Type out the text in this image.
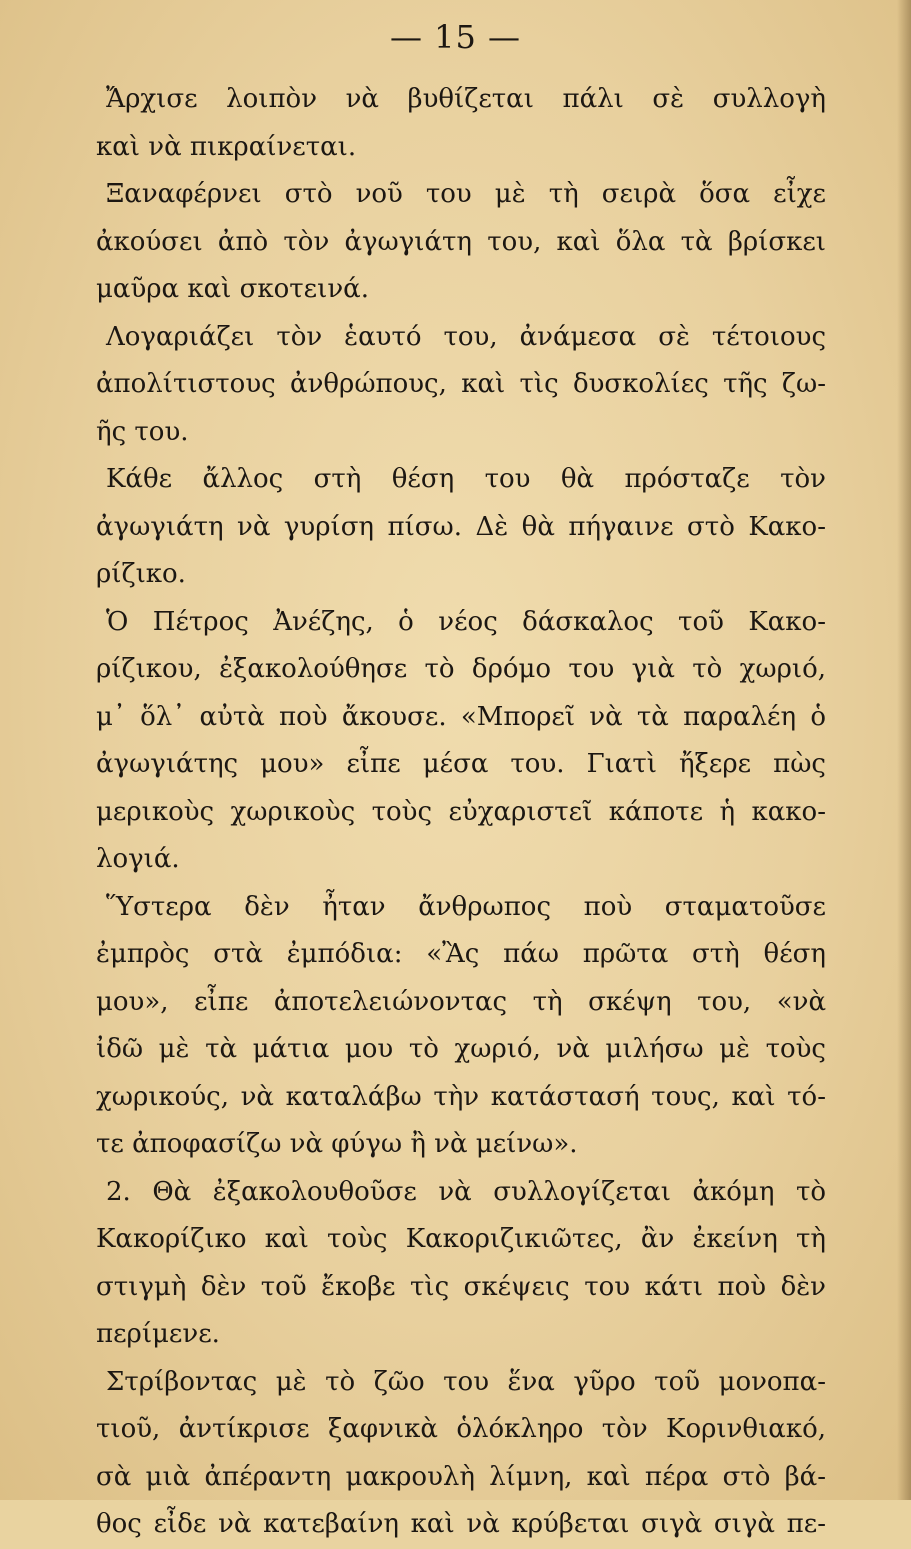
— 15 —
Ἄρχισε λοιπὸν νὰ βυθίζεται πάλι σὲ συλλογὴ
καὶ νὰ πικραίνεται.
Ξαναφέρνει στὸ νοῦ του μὲ τὴ σειρὰ ὅσα εἶχε
ἀκούσει ἀπὸ τὸν ἀγωγιάτη του, καὶ ὅλα τὰ βρίσκει
μαῦρα καὶ σκοτεινά.
Λογαριάζει τὸν ἑαυτό του, ἀνάμεσα σὲ τέτοιους
ἀπολίτιστους ἀνθρώπους, καὶ τὶς δυσκολίες τῆς ζω-
ῆς του.
Κάθε ἄλλος στὴ θέση του θὰ πρόσταζε τὸν
ἀγωγιάτη νὰ γυρίση πίσω. Δὲ θὰ πήγαινε στὸ Κακο-
ρίζικο.
Ὁ Πέτρος Ἀνέζης, ὁ νέος δάσκαλος τοῦ Κακο-
ρίζικου, ἐξακολούθησε τὸ δρόμο του γιὰ τὸ χωριό,
μ᾽ ὅλ᾽ αὐτὰ ποὺ ἄκουσε. «Μπορεῖ νὰ τὰ παραλέη ὁ
ἀγωγιάτης μου» εἶπε μέσα του. Γιατὶ ἤξερε πὼς
μερικοὺς χωρικοὺς τοὺς εὐχαριστεῖ κάποτε ἡ κακο-
λογιά.
Ὕστερα δὲν ἦταν ἄνθρωπος ποὺ σταματοῦσε
ἐμπρὸς στὰ ἐμπόδια: «Ἂς πάω πρῶτα στὴ θέση
μου», εἶπε ἀποτελειώνοντας τὴ σκέψη του, «νὰ
ἰδῶ μὲ τὰ μάτια μου τὸ χωριό, νὰ μιλήσω μὲ τοὺς
χωρικούς, νὰ καταλάβω τὴν κατάστασή τους, καὶ τό-
τε ἀποφασίζω νὰ φύγω ἢ νὰ μείνω».
2. Θὰ ἐξακολουθοῦσε νὰ συλλογίζεται ἀκόμη τὸ
Κακορίζικο καὶ τοὺς Κακοριζικιῶτες, ἂν ἐκείνη τὴ
στιγμὴ δὲν τοῦ ἔκοβε τὶς σκέψεις του κάτι ποὺ δὲν
περίμενε.
Στρίβοντας μὲ τὸ ζῶο του ἕνα γῦρο τοῦ μονοπα-
τιοῦ, ἀντίκρισε ξαφνικὰ ὁλόκληρο τὸν Κορινθιακό,
σὰ μιὰ ἀπέραντη μακρουλὴ λίμνη, καὶ πέρα στὸ βά-
θος εἶδε νὰ κατεβαίνη καὶ νὰ κρύβεται σιγὰ σιγὰ πε-
